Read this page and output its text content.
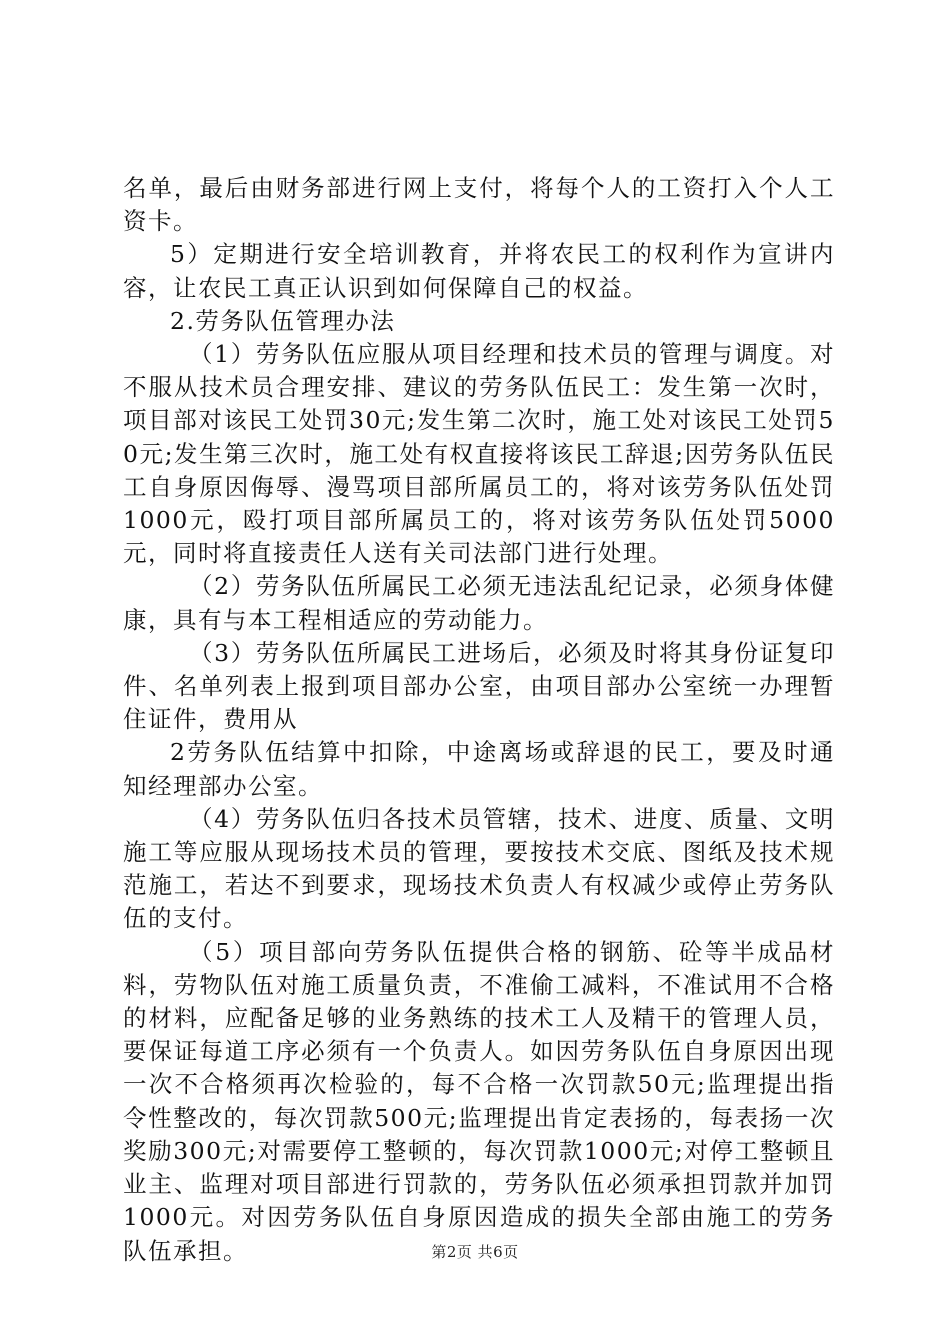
名单，最后由财务部进行网上支付，将每个人的工资打入个人工资卡。

5）定期进行安全培训教育，并将农民工的权利作为宣讲内容，让农民工真正认识到如何保障自己的权益。

2.劳务队伍管理办法

（1）劳务队伍应服从项目经理和技术员的管理与调度。对不服从技术员合理安排、建议的劳务队伍民工：发生第一次时，项目部对该民工处罚30元;发生第二次时，施工处对该民工处罚50元;发生第三次时，施工处有权直接将该民工辞退;因劳务队伍民工自身原因侮辱、漫骂项目部所属员工的，将对该劳务队伍处罚1000元，殴打项目部所属员工的，将对该劳务队伍处罚5000元，同时将直接责任人送有关司法部门进行处理。

（2）劳务队伍所属民工必须无违法乱纪记录，必须身体健康，具有与本工程相适应的劳动能力。

（3）劳务队伍所属民工进场后，必须及时将其身份证复印件、名单列表上报到项目部办公室，由项目部办公室统一办理暂住证件，费用从

2劳务队伍结算中扣除，中途离场或辞退的民工，要及时通知经理部办公室。

（4）劳务队伍归各技术员管辖，技术、进度、质量、文明施工等应服从现场技术员的管理，要按技术交底、图纸及技术规范施工，若达不到要求，现场技术负责人有权减少或停止劳务队伍的支付。

（5）项目部向劳务队伍提供合格的钢筋、砼等半成品材料，劳物队伍对施工质量负责，不准偷工减料，不准试用不合格的材料，应配备足够的业务熟练的技术工人及精干的管理人员，要保证每道工序必须有一个负责人。如因劳务队伍自身原因出现一次不合格须再次检验的，每不合格一次罚款50元;监理提出指令性整改的，每次罚款500元;监理提出肯定表扬的，每表扬一次奖励300元;对需要停工整顿的，每次罚款1000元;对停工整顿且业主、监理对项目部进行罚款的，劳务队伍必须承担罚款并加罚1000元。对因劳务队伍自身原因造成的损失全部由施工的劳务队伍承担。	第2页 共6页
